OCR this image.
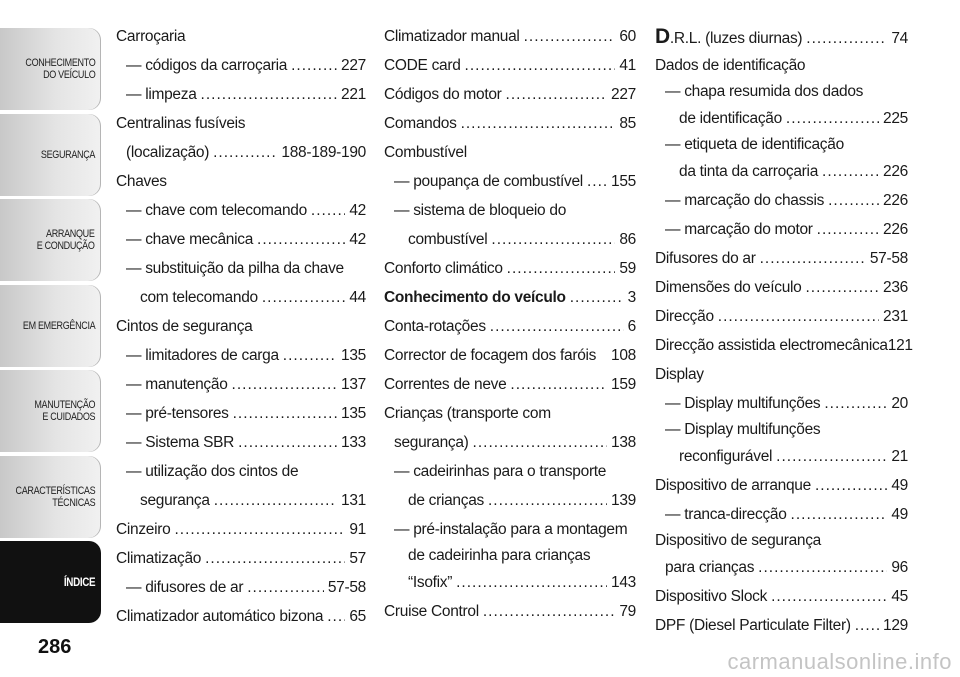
CONHECIMENTO
DO VEÍCULO
SEGURANÇA
ARRANQUE
E CONDUÇÃO
EM EMERGÊNCIA
MANUTENÇÃO
E CUIDADOS
CARACTERÍSTICAS
TÉCNICAS
ÍNDICE
286
Carroçaria
— códigos da carroçaria .....	227
— limpeza .....	221
Centralinas fusíveis
(localização) .....	188-189-190
Chaves
— chave com telecomando .....	42
— chave mecânica .....	42
— substituição da pilha da chave
com telecomando .....	44
Cintos de segurança
— limitadores de carga .....	135
— manutenção .....	137
— pré-tensores .....	135
— Sistema SBR .....	133
— utilização dos cintos de
segurança .....	131
Cinzeiro .....	91
Climatização .....	57
— difusores de ar .....	57-58
Climatizador automático bizona ..... 65
Climatizador manual .....	60
CODE card .....	41
Códigos do motor .....	227
Comandos .....	85
Combustível
— poupança de combustível ..... 155
— sistema de bloqueio do
combustível .....	86
Conforto climático .....	59
Conhecimento do veículo .....	3
Conta-rotações .....	6
Corrector de focagem dos faróis 108
Correntes de neve .....	159
Crianças (transporte com
segurança) .....	138
— cadeirinhas para o transporte
de crianças .....	139
— pré-instalação para a montagem
de cadeirinha para crianças
“Isofix” .....	143
Cruise Control .....	79
D.R.L. (luzes diurnas) .....	74
Dados de identificação
— chapa resumida dos dados
de identificação .....	225
— etiqueta de identificação
da tinta da carroçaria .....	226
— marcação do chassis .....	226
— marcação do motor .....	226
Difusores do ar .....	57-58
Dimensões do veículo .....	236
Direcção .....	231
Direcção assistida electromecânica 121
Display
— Display multifunções .....	20
— Display multifunções
reconfigurável .....	21
Dispositivo de arranque .....	49
— tranca-direcção .....	49
Dispositivo de segurança
para crianças .....	96
Dispositivo Slock .....	45
DPF (Diesel Particulate Filter) ..... 129
carmanualsonline.info
